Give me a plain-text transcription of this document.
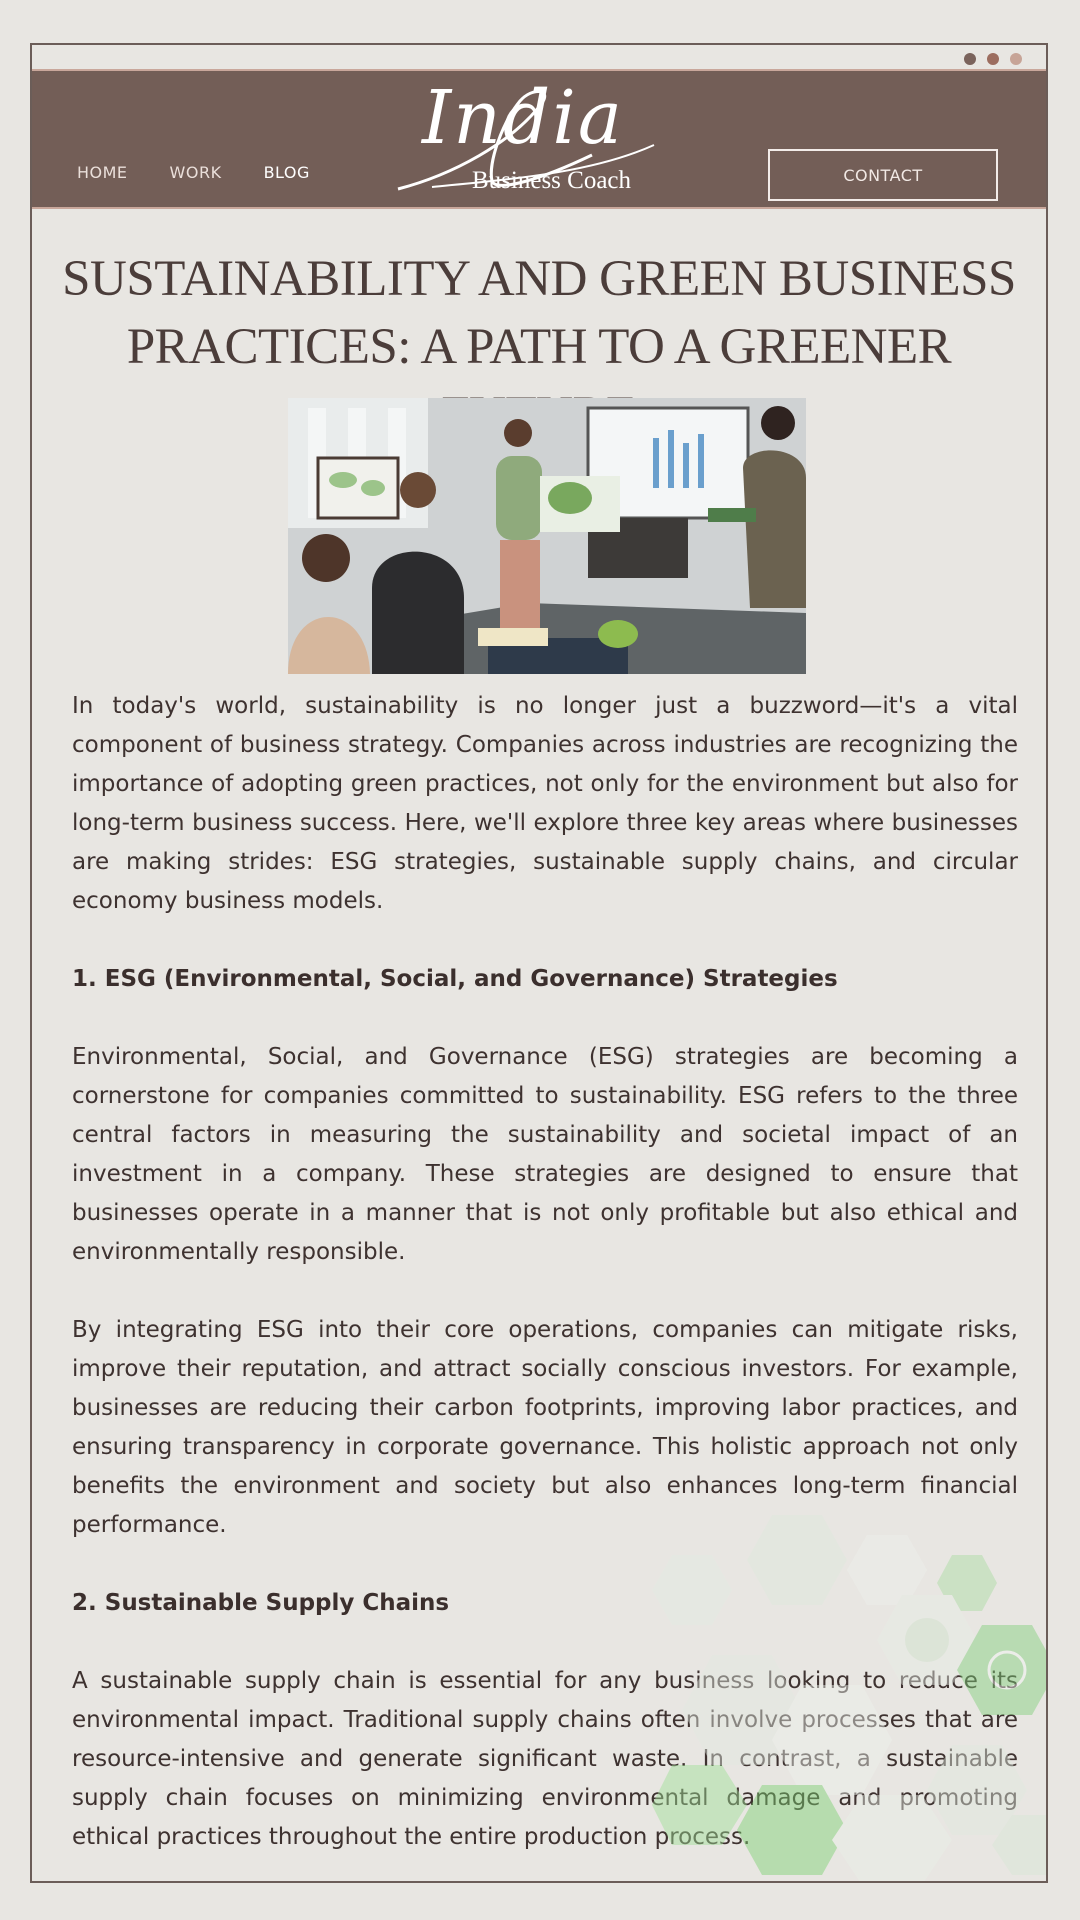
HOME	WORK	BLOG
India
Business Coach	CONTACT
SUSTAINABILITY AND GREEN BUSINESS
PRACTICES: A PATH TO A GREENER

In today's world, sustainability is no longer just a buzzword—it's a vital component of business strategy. Companies across industries are recognizing the importance of adopting green practices, not only for the environment but also for long-term business success. Here, we'll explore three key areas where businesses are making strides: ESG strategies, sustainable supply chains, and circular economy business models.

1. ESG (Environmental, Social, and Governance) Strategies

Environmental, Social, and Governance (ESG) strategies are becoming a cornerstone for companies committed to sustainability. ESG refers to the three central factors in measuring the sustainability and societal impact of an investment in a company. These strategies are designed to ensure that businesses operate in a manner that is not only profitable but also ethical and environmentally responsible.

By integrating ESG into their core operations, companies can mitigate risks, improve their reputation, and attract socially conscious investors. For example, businesses are reducing their carbon footprints, improving labor practices, and ensuring transparency in corporate governance. This holistic approach not only benefits the environment and society but also enhances long-term financial performance.

2. Sustainable Supply Chains

A sustainable supply chain is essential for any business looking to reduce its environmental impact. Traditional supply chains often involve processes that are resource-intensive and generate significant waste. In contrast, a sustainable supply chain focuses on minimizing environmental damage and promoting ethical practices throughout the entire production process.
